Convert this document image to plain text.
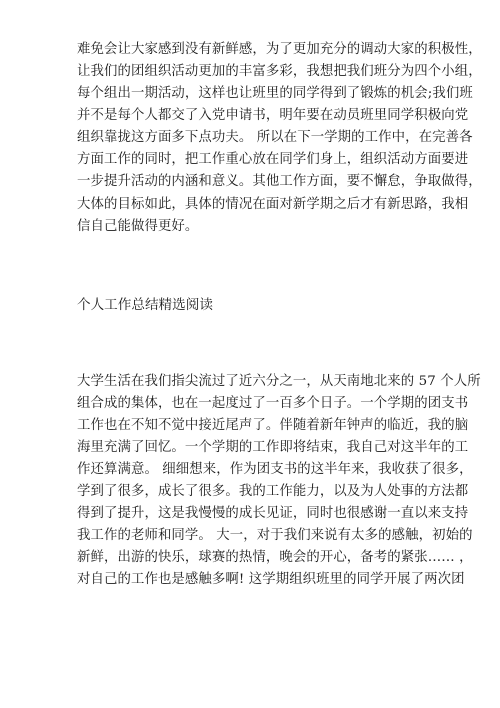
难免会让大家感到没有新鲜感，为了更加充分的调动大家的积极性，
让我们的团组织活动更加的丰富多彩，我想把我们班分为四个小组，
每个组出一期活动，这样也让班里的同学得到了锻炼的机会;我们班
并不是每个人都交了入党申请书，明年要在动员班里同学积极向党
组织靠拢这方面多下点功夫。 所以在下一学期的工作中，在完善各
方面工作的同时，把工作重心放在同学们身上，组织活动方面要进
一步提升活动的内涵和意义。其他工作方面，要不懈怠，争取做得，
大体的目标如此，具体的情况在面对新学期之后才有新思路，我相
信自己能做得更好。
个人工作总结精选阅读
大学生活在我们指尖流过了近六分之一，从天南地北来的 57 个人所
组合成的集体，也在一起度过了一百多个日子。一个学期的团支书
工作也在不知不觉中接近尾声了。伴随着新年钟声的临近，我的脑
海里充满了回忆。一个学期的工作即将结束，我自己对这半年的工
作还算满意。 细细想来，作为团支书的这半年来，我收获了很多，
学到了很多，成长了很多。我的工作能力，以及为人处事的方法都
得到了提升，这是我慢慢的成长见证，同时也很感谢一直以来支持
我工作的老师和同学。 大一，对于我们来说有太多的感触，初始的
新鲜，出游的快乐，球赛的热情，晚会的开心，备考的紧张…… ，
对自己的工作也是感触多啊! 这学期组织班里的同学开展了两次团
